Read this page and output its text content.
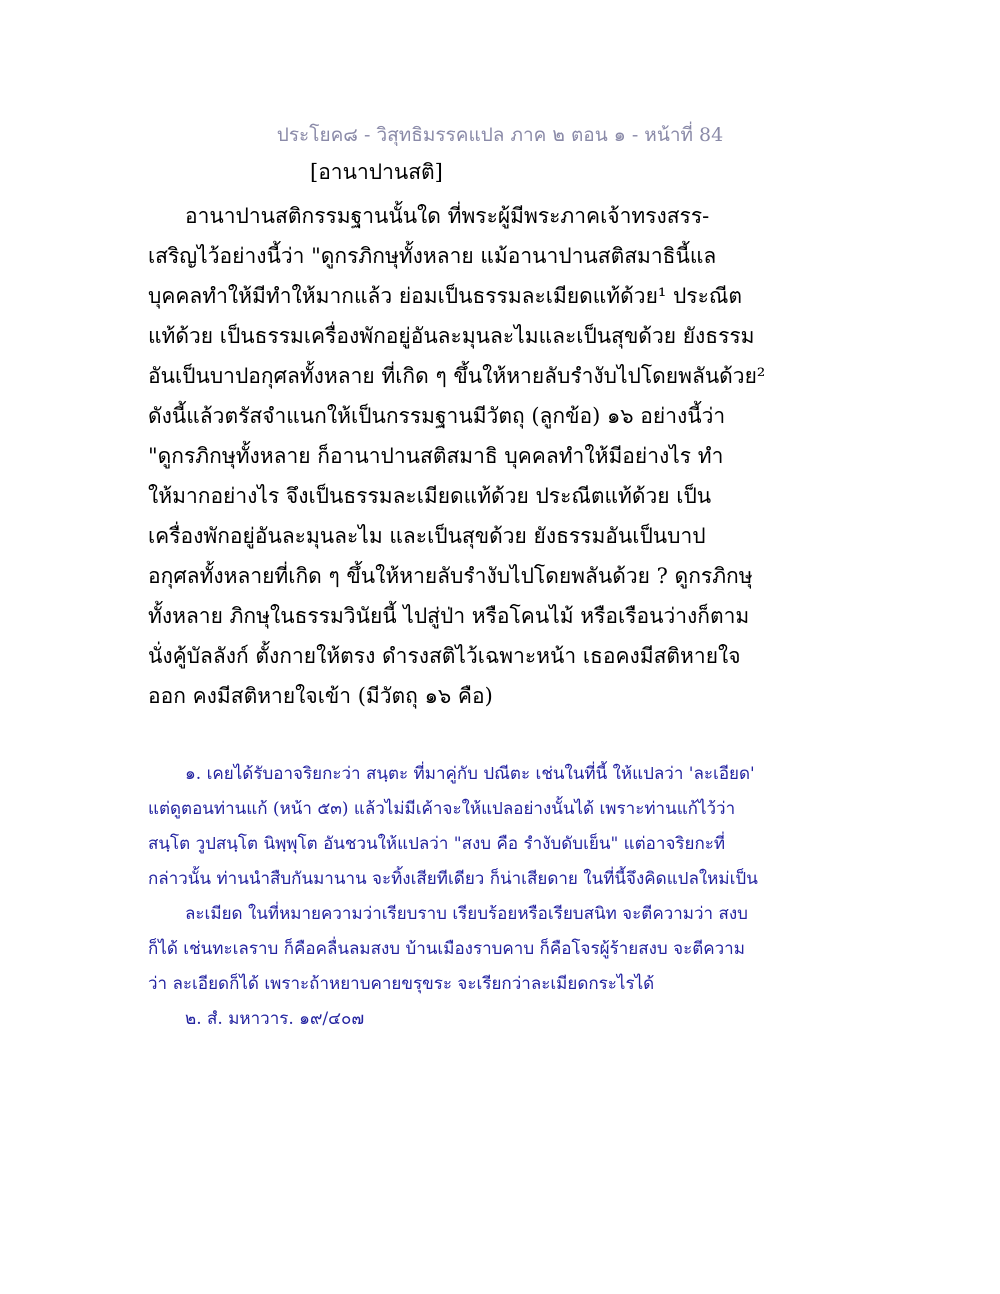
ประโยค๘ - วิสุทธิมรรคแปล ภาค ๒ ตอน ๑ - หน้าที่ 84
[อานาปานสติ]
อานาปานสติกรรมฐานนั้นใด ที่พระผู้มีพระภาคเจ้าทรงสรร-
เสริญไว้อย่างนี้ว่า "ดูกรภิกษุทั้งหลาย แม้อานาปานสติสมาธินี้แล
บุคคลทำให้มีทำให้มากแล้ว ย่อมเป็นธรรมละเมียดแท้ด้วย¹ ประณีต
แท้ด้วย เป็นธรรมเครื่องพักอยู่อันละมุนละไมและเป็นสุขด้วย ยังธรรม
อันเป็นบาปอกุศลทั้งหลาย ที่เกิด ๆ ขึ้นให้หายลับรำงับไปโดยพลันด้วย²
ดังนี้แล้วตรัสจำแนกให้เป็นกรรมฐานมีวัตถุ (ลูกข้อ) ๑๖ อย่างนี้ว่า
"ดูกรภิกษุทั้งหลาย ก็อานาปานสติสมาธิ บุคคลทำให้มีอย่างไร ทำ
ให้มากอย่างไร จึงเป็นธรรมละเมียดแท้ด้วย ประณีตแท้ด้วย เป็น
เครื่องพักอยู่อันละมุนละไม และเป็นสุขด้วย ยังธรรมอันเป็นบาป
อกุศลทั้งหลายที่เกิด ๆ ขึ้นให้หายลับรำงับไปโดยพลันด้วย ? ดูกรภิกษุ
ทั้งหลาย ภิกษุในธรรมวินัยนี้ ไปสู่ป่า หรือโคนไม้ หรือเรือนว่างก็ตาม
นั่งคู้บัลลังก์ ตั้งกายให้ตรง ดำรงสติไว้เฉพาะหน้า เธอคงมีสติหายใจ
ออก คงมีสติหายใจเข้า (มีวัตถุ ๑๖ คือ)
๑. เคยได้รับอาจริยกะว่า สนฺตะ ที่มาคู่กับ ปณีตะ เช่นในที่นี้ ให้แปลว่า 'ละเอียด'
แต่ดูตอนท่านแก้ (หน้า ๕๓) แล้วไม่มีเค้าจะให้แปลอย่างนั้นได้ เพราะท่านแก้ไว้ว่า
สนฺโต วูปสนฺโต นิพฺพุโต อันชวนให้แปลว่า "สงบ คือ รำงับดับเย็น" แต่อาจริยกะที่
กล่าวนั้น ท่านนำสืบกันมานาน จะทิ้งเสียทีเดียว ก็น่าเสียดาย ในที่นี้จึงคิดแปลใหม่เป็น
ละเมียด ในที่หมายความว่าเรียบราบ เรียบร้อยหรือเรียบสนิท จะตีความว่า สงบ
ก็ได้ เช่นทะเลราบ ก็คือคลื่นลมสงบ บ้านเมืองราบคาบ ก็คือโจรผู้ร้ายสงบ จะตีความ
ว่า ละเอียดก็ได้ เพราะถ้าหยาบคายขรุขระ จะเรียกว่าละเมียดกระไรได้
๒. สํ. มหาวาร. ๑๙/๔๐๗
